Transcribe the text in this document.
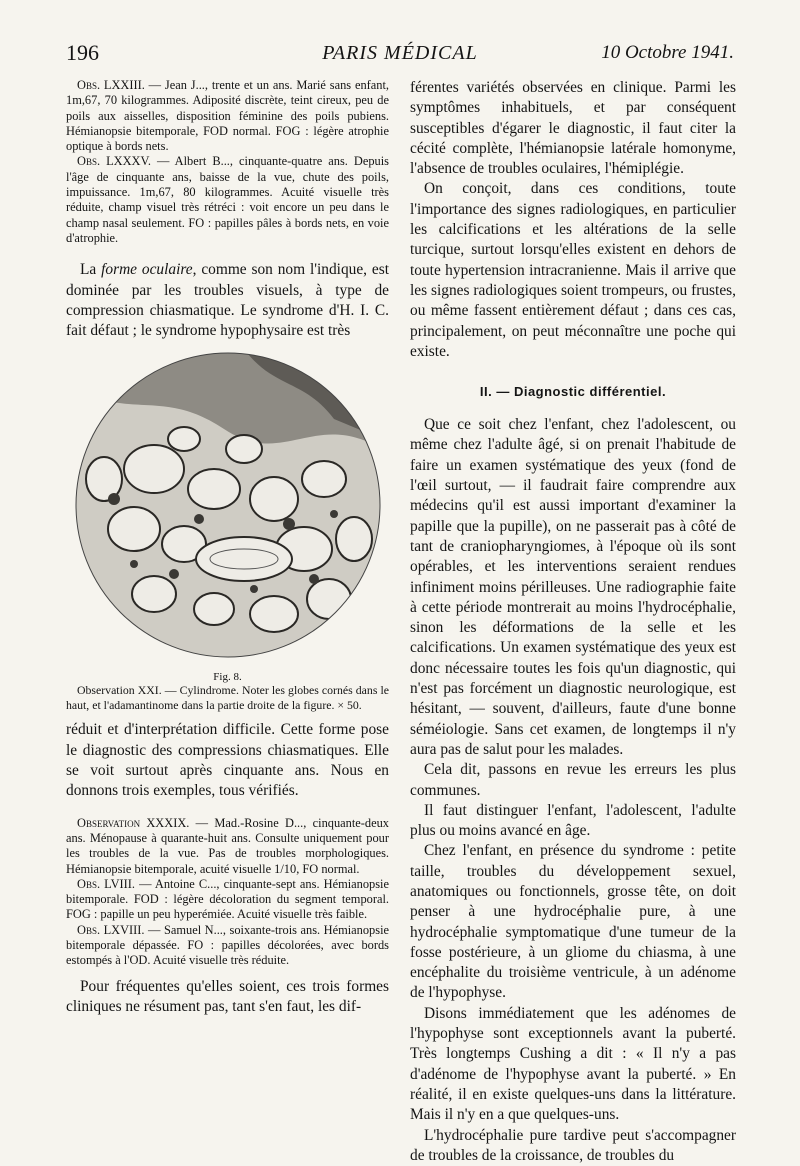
196	PARIS MÉDICAL	10 Octobre 1941.

Obs. LXXIII. — Jean J..., trente et un ans. Marié sans enfant, 1m,67, 70 kilogrammes. Adiposité discrète, teint cireux, peu de poils aux aisselles, disposition féminine des poils pubiens. Hémianopsie bitemporale, FOD normal. FOG : légère atrophie optique à bords nets.

Obs. LXXXV. — Albert B..., cinquante-quatre ans. Depuis l'âge de cinquante ans, baisse de la vue, chute des poils, impuissance. 1m,67, 80 kilogrammes. Acuité visuelle très réduite, champ visuel très rétréci : voit encore un peu dans le champ nasal seulement. FO : papilles pâles à bords nets, en voie d'atrophie.

La forme oculaire, comme son nom l'indique, est dominée par les troubles visuels, à type de compression chiasmatique. Le syndrome d'H. I. C. fait défaut ; le syndrome hypophysaire est très

Fig. 8.

Observation XXI. — Cylindrome. Noter les globes cornés dans le haut, et l'adamantinome dans la partie droite de la figure. × 50.

réduit et d'interprétation difficile. Cette forme pose le diagnostic des compressions chiasmatiques. Elle se voit surtout après cinquante ans. Nous en donnons trois exemples, tous vérifiés.

Observation XXXIX. — Mad.-Rosine D..., cinquante-deux ans. Ménopause à quarante-huit ans. Consulte uniquement pour les troubles de la vue. Pas de troubles morphologiques. Hémianopsie bitemporale, acuité visuelle 1/10, FO normal.

Obs. LVIII. — Antoine C..., cinquante-sept ans. Hémianopsie bitemporale. FOD : légère décoloration du segment temporal. FOG : papille un peu hyperémiée. Acuité visuelle très faible.

Obs. LXVIII. — Samuel N..., soixante-trois ans. Hémianopsie bitemporale dépassée. FO : papilles décolorées, avec bords estompés à l'OD. Acuité visuelle très réduite.

Pour fréquentes qu'elles soient, ces trois formes cliniques ne résument pas, tant s'en faut, les dif-

férentes variétés observées en clinique. Parmi les symptômes inhabituels, et par conséquent susceptibles d'égarer le diagnostic, il faut citer la cécité complète, l'hémianopsie latérale homonyme, l'absence de troubles oculaires, l'hémiplégie.

On conçoit, dans ces conditions, toute l'importance des signes radiologiques, en particulier les calcifications et les altérations de la selle turcique, surtout lorsqu'elles existent en dehors de toute hypertension intracranienne. Mais il arrive que les signes radiologiques soient trompeurs, ou frustes, ou même fassent entièrement défaut ; dans ces cas, principalement, on peut méconnaître une poche qui existe.

II. — Diagnostic différentiel.

Que ce soit chez l'enfant, chez l'adolescent, ou même chez l'adulte âgé, si on prenait l'habitude de faire un examen systématique des yeux (fond de l'œil surtout, — il faudrait faire comprendre aux médecins qu'il est aussi important d'examiner la papille que la pupille), on ne passerait pas à côté de tant de craniopharyngiomes, à l'époque où ils sont opérables, et les interventions seraient rendues infiniment moins périlleuses. Une radiographie faite à cette période montrerait au moins l'hydrocéphalie, sinon les déformations de la selle et les calcifications. Un examen systématique des yeux est donc nécessaire toutes les fois qu'un diagnostic, qui n'est pas forcément un diagnostic neurologique, est hésitant, — souvent, d'ailleurs, faute d'une bonne séméiologie. Sans cet examen, de longtemps il n'y aura pas de salut pour les malades.

Cela dit, passons en revue les erreurs les plus communes.

Il faut distinguer l'enfant, l'adolescent, l'adulte plus ou moins avancé en âge.

Chez l'enfant, en présence du syndrome : petite taille, troubles du développement sexuel, anatomiques ou fonctionnels, grosse tête, on doit penser à une hydrocéphalie pure, à une hydrocéphalie symptomatique d'une tumeur de la fosse postérieure, à un gliome du chiasma, à une encéphalite du troisième ventricule, à un adénome de l'hypophyse.

Disons immédiatement que les adénomes de l'hypophyse sont exceptionnels avant la puberté. Très longtemps Cushing a dit : « Il n'y a pas d'adénome de l'hypophyse avant la puberté. » En réalité, il en existe quelques-uns dans la littérature. Mais il n'y en a que quelques-uns.

L'hydrocéphalie pure tardive peut s'accompagner de troubles de la croissance, de troubles du
